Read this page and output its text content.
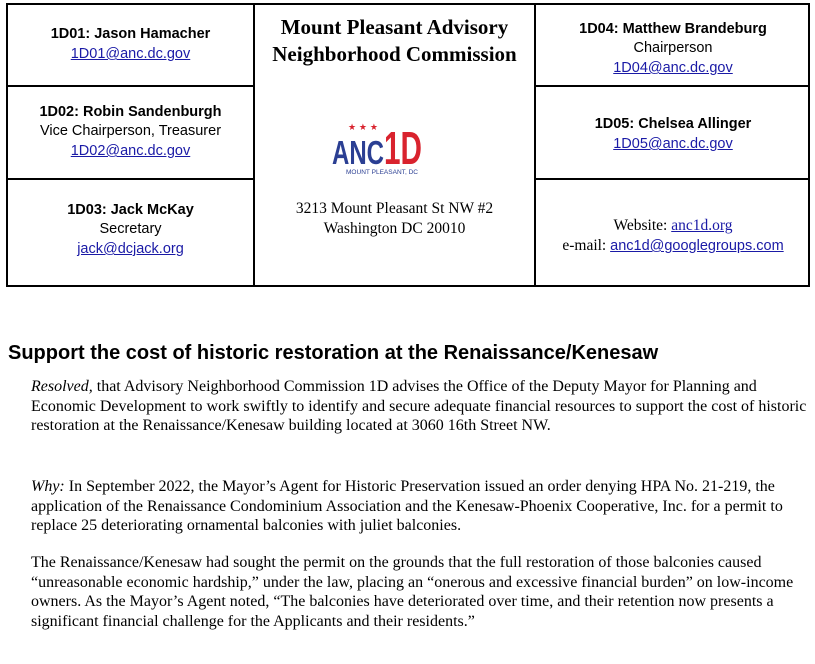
1D01: Jason Hamacher
1D01@anc.dc.gov
1D02: Robin Sandenburgh
Vice Chairperson, Treasurer
1D02@anc.dc.gov
1D03: Jack McKay
Secretary
jack@dcjack.org
Mount Pleasant Advisory
Neighborhood Commission
★ ★ ★
ANC 1D
MOUNT PLEASANT, DC
3213 Mount Pleasant St NW #2
Washington DC 20010
1D04: Matthew Brandeburg
Chairperson
1D04@anc.dc.gov
1D05: Chelsea Allinger
1D05@anc.dc.gov
Website: anc1d.org
e-mail: anc1d@googlegroups.com
Support the cost of historic restoration at the Renaissance/Kenesaw

Resolved, that Advisory Neighborhood Commission 1D advises the Office of the Deputy Mayor for Planning and Economic Development to work swiftly to identify and secure adequate financial resources to support the cost of historic restoration at the Renaissance/Kenesaw building located at 3060 16th Street NW.

Why: In September 2022, the Mayor’s Agent for Historic Preservation issued an order denying HPA No. 21-219, the application of the Renaissance Condominium Association and the Kenesaw-Phoenix Cooperative, Inc. for a permit to replace 25 deteriorating ornamental balconies with juliet balconies.

The Renaissance/Kenesaw had sought the permit on the grounds that the full restoration of those balconies caused “unreasonable economic hardship,” under the law, placing an “onerous and excessive financial burden” on low-income owners. As the Mayor’s Agent noted, “The balconies have deteriorated over time, and their retention now presents a significant financial challenge for the Applicants and their residents.”
